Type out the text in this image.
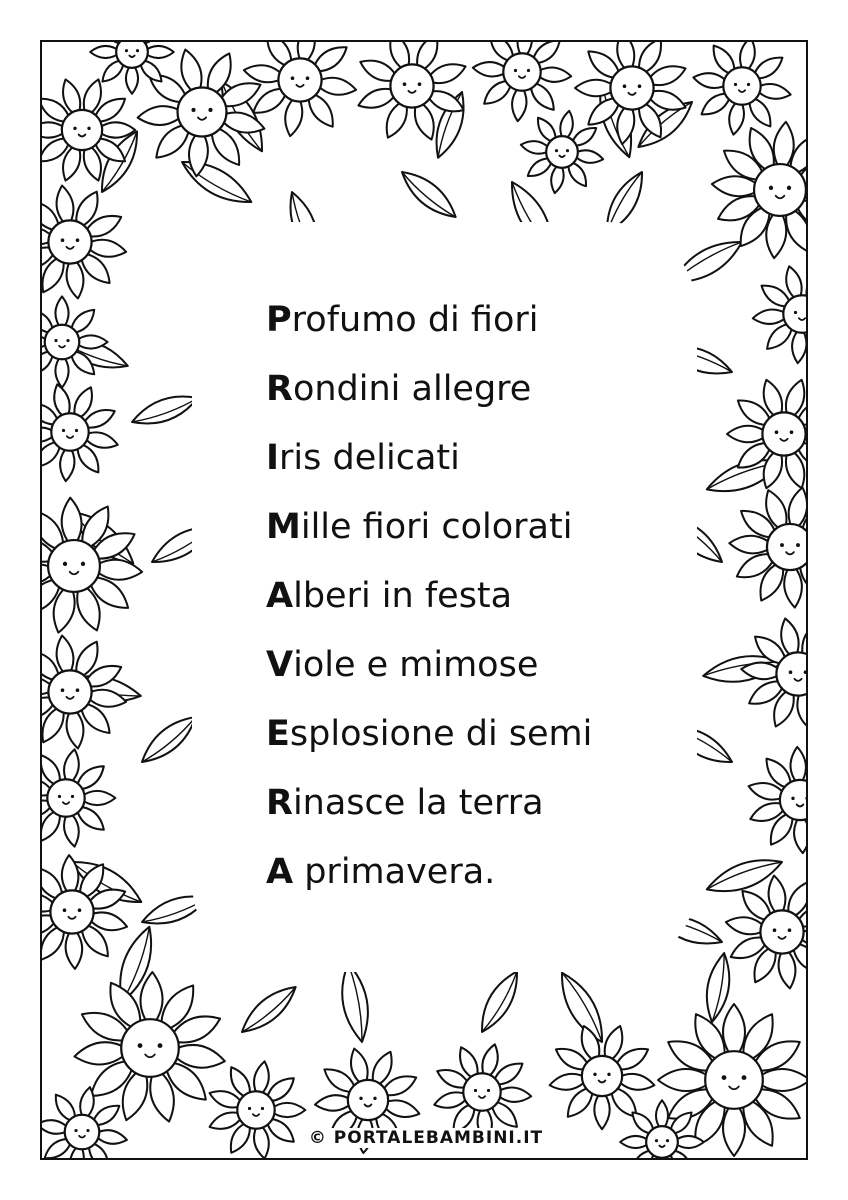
Profumo di fiori
Rondini allegre
Iris delicati
Mille fiori colorati
Alberi in festa
Viole e mimose
Esplosione di semi
Rinasce la terra
A primavera.
© PORTALEBAMBINI.IT
